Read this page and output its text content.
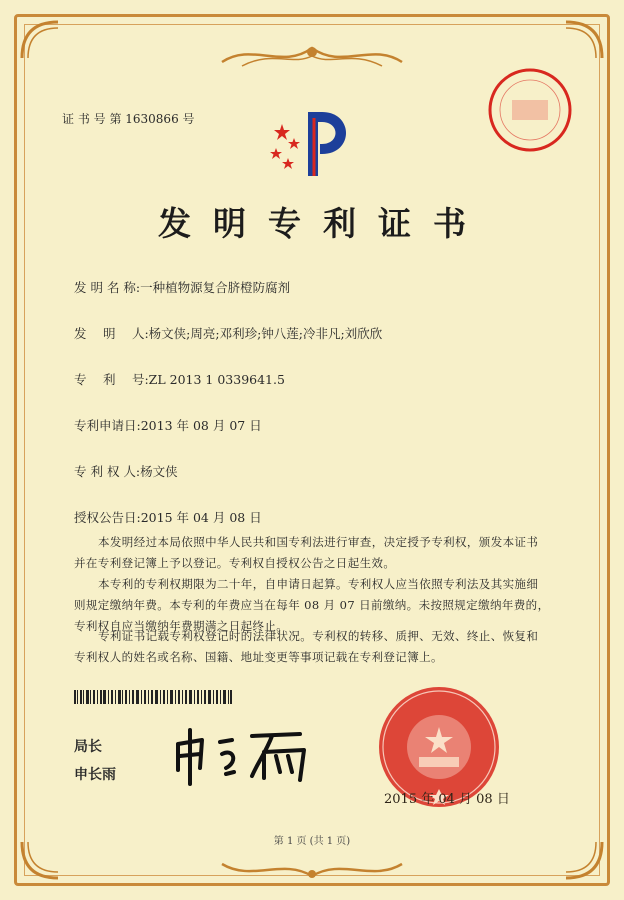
证 书 号 第 1630866 号
发明专利证书
发 明 名 称:一种植物源复合脐橙防腐剂
发　 明　 人:杨文侠;周亮;邓利珍;钟八莲;冷非凡;刘欣欣
专　 利　 号:ZL 2013 1 0339641.5
专利申请日:2013 年 08 月 07 日
专 利 权 人:杨文侠
授权公告日:2015 年 04 月 08 日
本发明经过本局依照中华人民共和国专利法进行审查，决定授予专利权，颁发本证书并在专利登记簿上予以登记。专利权自授权公告之日起生效。
本专利的专利权期限为二十年，自申请日起算。专利权人应当依照专利法及其实施细则规定缴纳年费。本专利的年费应当在每年 08 月 07 日前缴纳。未按照规定缴纳年费的，专利权自应当缴纳年费期满之日起终止。
专利证书记载专利权登记时的法律状况。专利权的转移、质押、无效、终止、恢复和专利权人的姓名或名称、国籍、地址变更等事项记载在专利登记簿上。
局长
申长雨
2015 年 04 月 08 日
第 1 页 (共 1 页)
